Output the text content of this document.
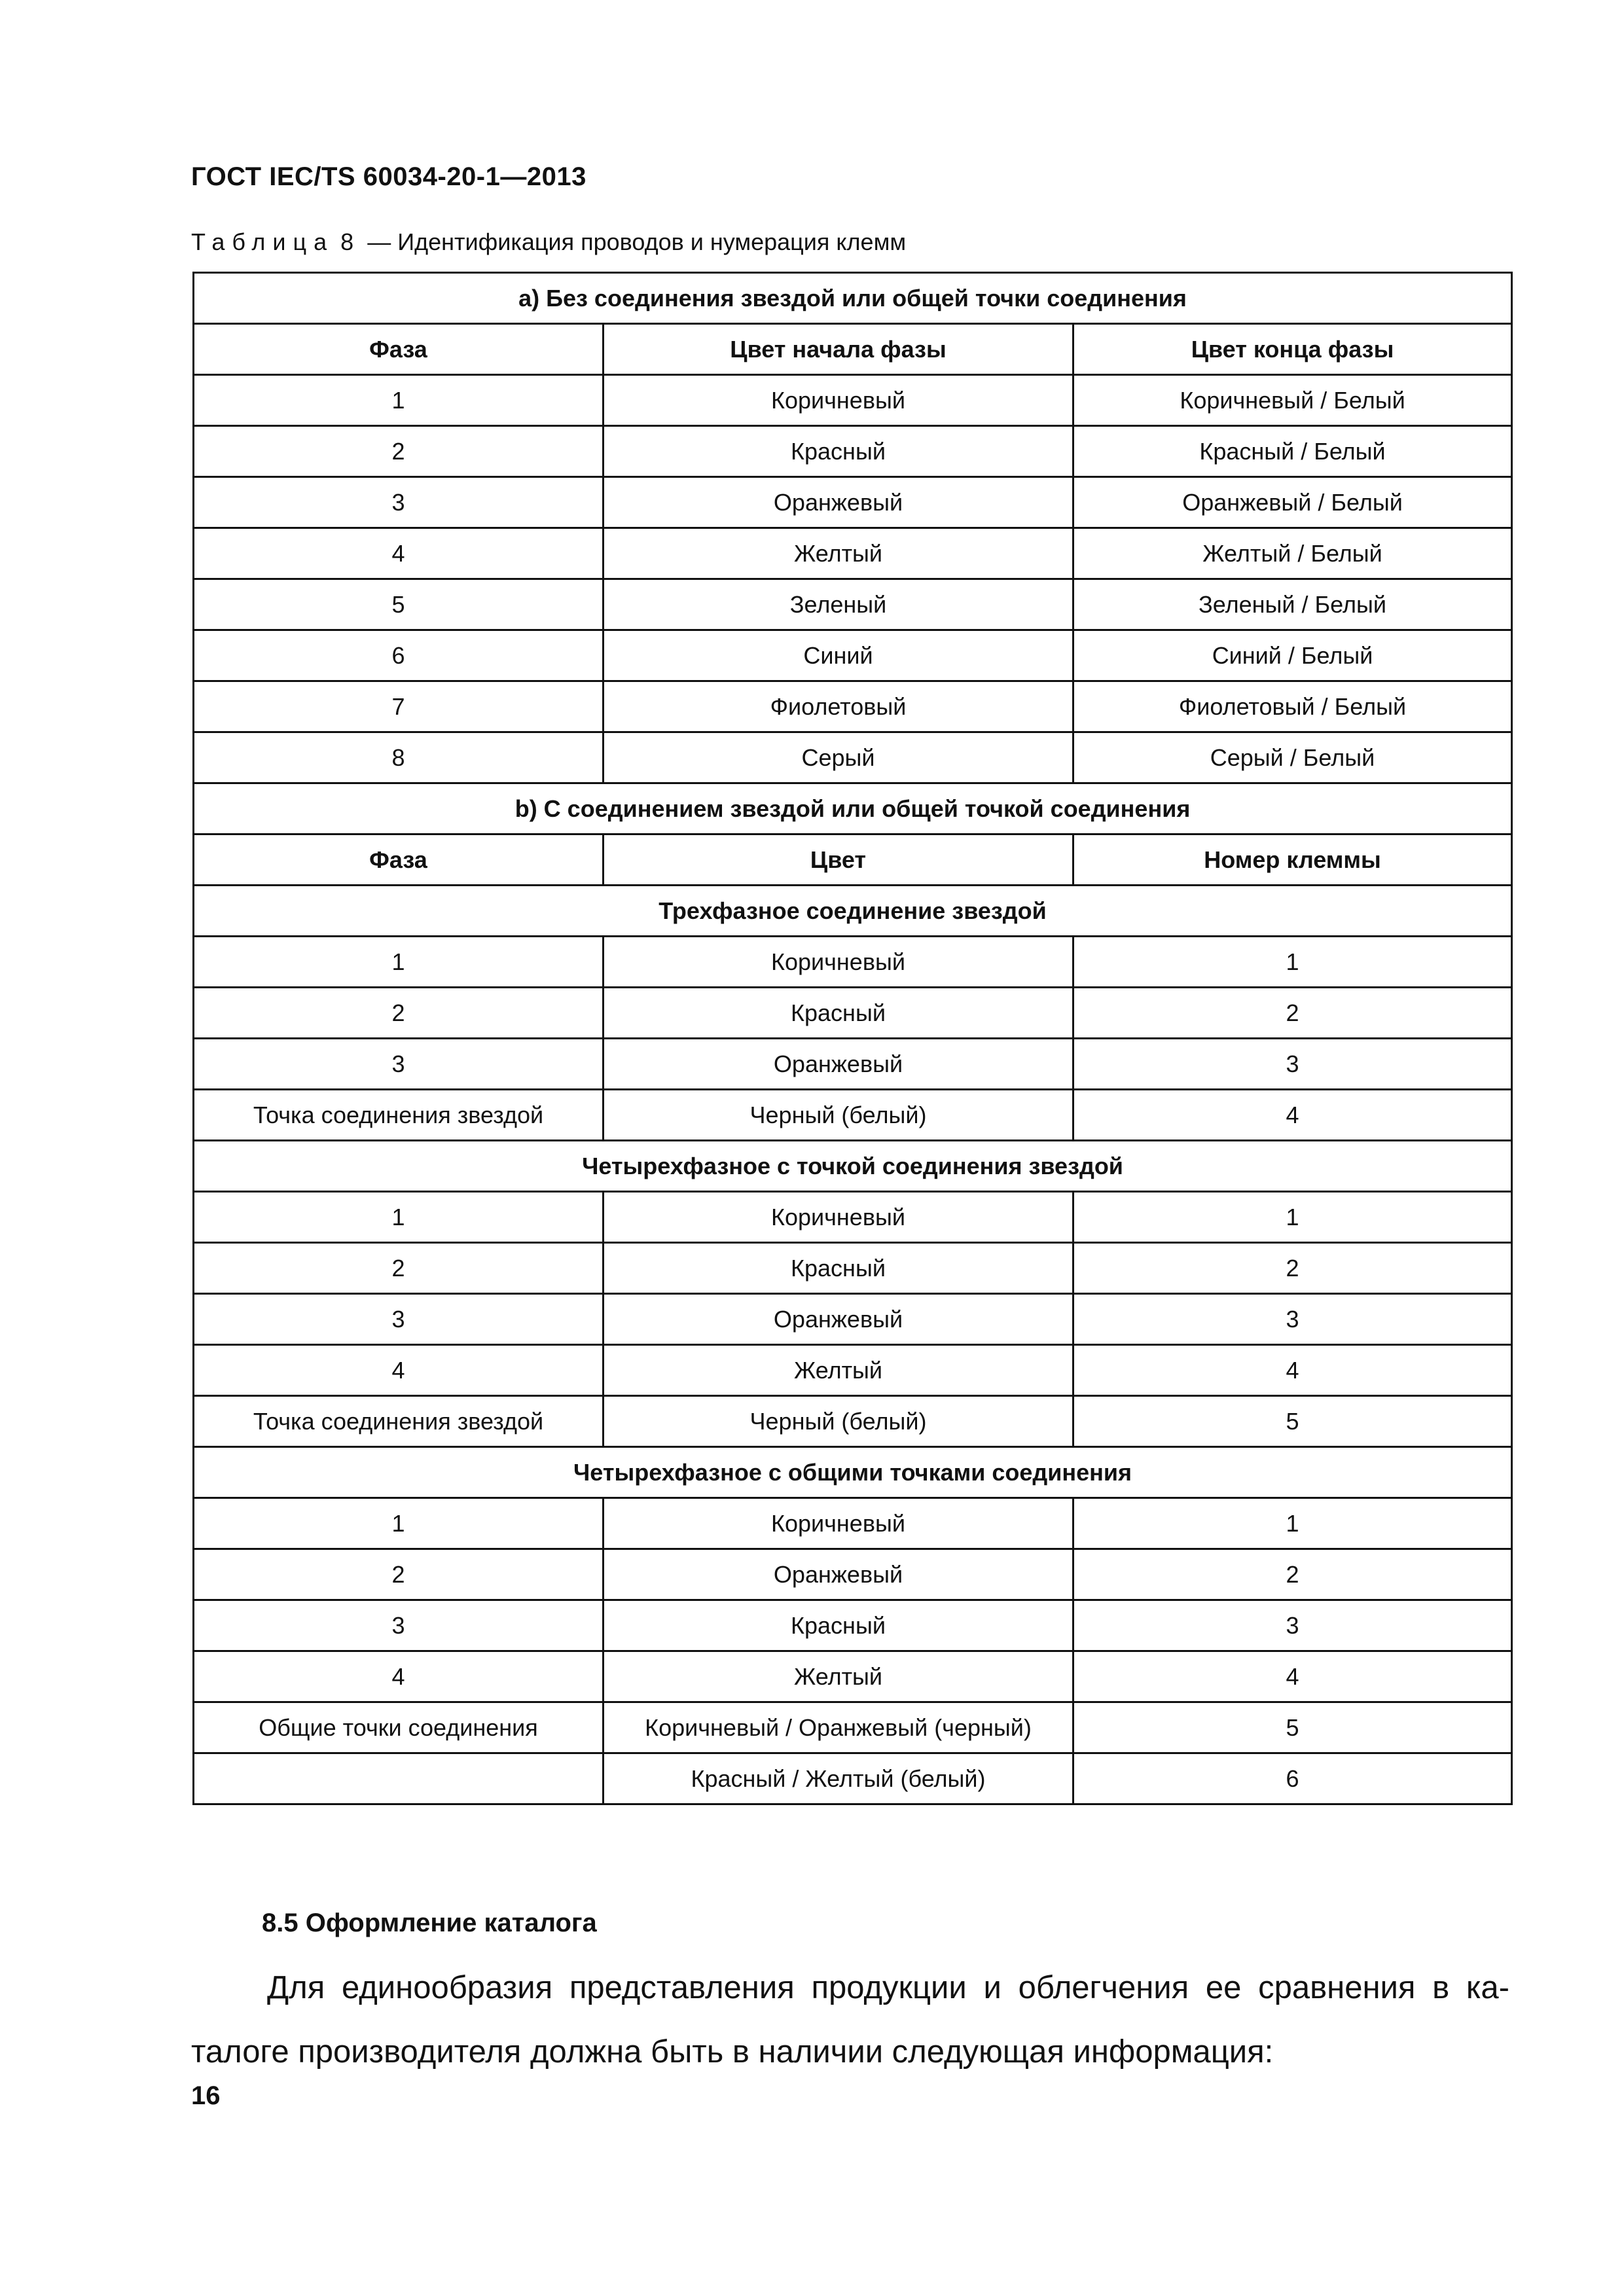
ГОСТ IEC/TS 60034-20-1—2013
Таблица 8 — Идентификация проводов и нумерация клемм
a) Без соединения звездой или общей точки соединения		
Фаза	Цвет начала фазы	Цвет конца фазы
1	Коричневый	Коричневый / Белый
2	Красный	Красный / Белый
3	Оранжевый	Оранжевый / Белый
4	Желтый	Желтый / Белый
5	Зеленый	Зеленый / Белый
6	Синий	Синий / Белый
7	Фиолетовый	Фиолетовый / Белый
8	Серый	Серый / Белый
b) С соединением звездой или общей точкой соединения		
Фаза	Цвет	Номер клеммы
Трехфазное соединение звездой		
1	Коричневый	1
2	Красный	2
3	Оранжевый	3
Точка соединения звездой	Черный (белый)	4
Четырехфазное с точкой соединения звездой		
1	Коричневый	1
2	Красный	2
3	Оранжевый	3
4	Желтый	4
Точка соединения звездой	Черный (белый)	5
Четырехфазное с общими точками соединения		
1	Коричневый	1
2	Оранжевый	2
3	Красный	3
4	Желтый	4
Общие точки соединения	Коричневый / Оранжевый (черный)	5
	Красный / Желтый (белый)	6
8.5 Оформление каталога

Для единообразия представления продукции и облегчения ее сравнения в ка-
талоге производителя должна быть в наличии следующая информация:

16
